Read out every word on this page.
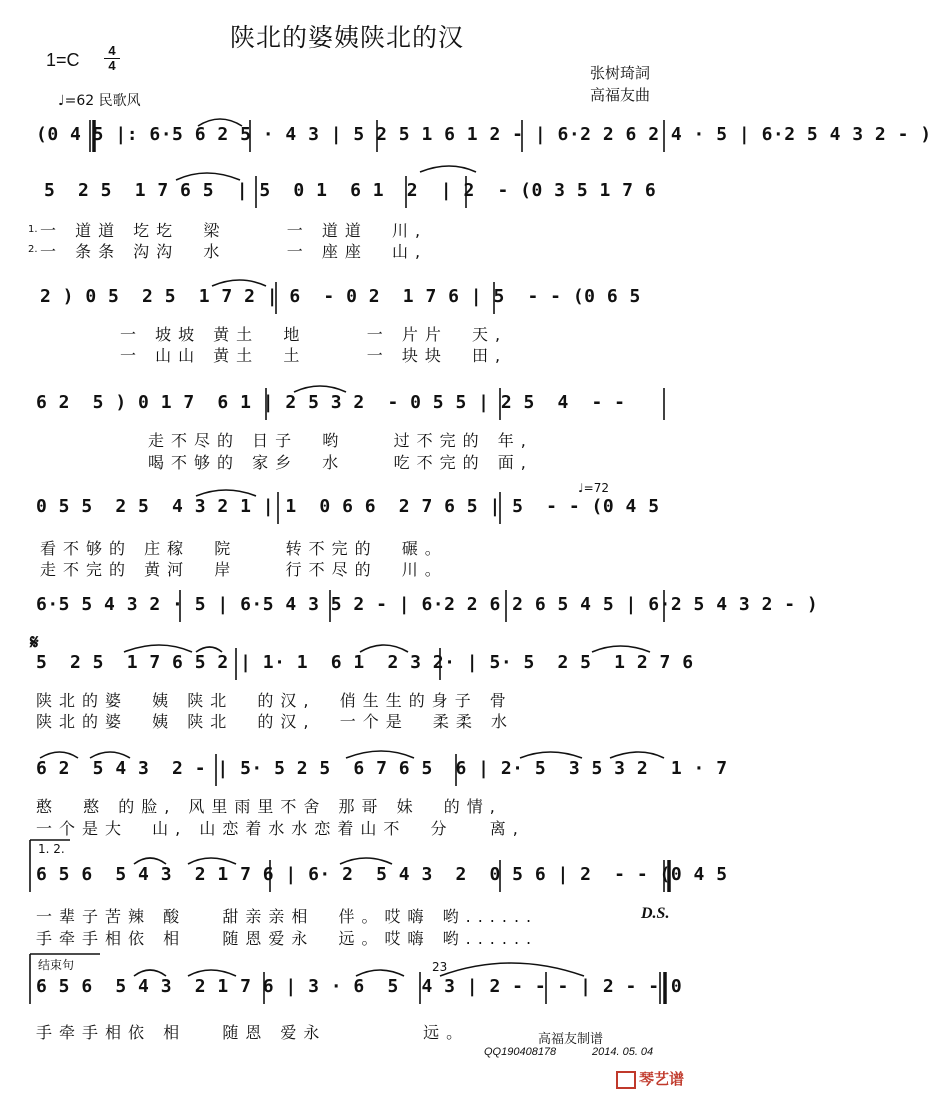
陕北的婆姨陕北的汉
1=C	4
4
♩=62 民歌风
张树琦詞
高福友曲
(0 4 5 |: 6·5 6 2 5 · 4 3 | 5 2 5 1 6 1 2 - | 6·2 2 6 2 4 · 5 | 6·2 5 4 3 2 - )
5  2 5  1 7 6 5  | 5  0 1  6 1  2  | 2  - (0 3 5 1 7 6
1.
2.
一 道道 圪圪  梁     一 道道  川,
一 条条 沟沟  水     一 座座  山,
2 ) 0 5  2 5  1 7 2 | 6  - 0 2  1 7 6 | 5  - - (0 6 5
一 坡坡 黄土  地     一 片片  天,
一 山山 黄土  土     一 块块  田,
6 2  5 ) 0 1 7  6 1 | 2 5 3 2  - 0 5 5 | 2 5  4  - -
走不尽的 日子  哟    过不完的 年,
喝不够的 家乡  水    吃不完的 面,
0 5 5  2 5  4 3 2 1 | 1  0 6 6  2 7 6 5 | 5  - - (0 4 5
♩=72
看不够的 庄稼  院    转不完的  碾。
走不完的 黄河  岸    行不尽的  川。
6·5 5 4 3 2 · 5 | 6·5 4 3 5 2 - | 6·2 2 6 2 6 5 4 5 | 6·2 5 4 3 2 - )
𝄋
5  2 5  1 7 6 5 2 | 1· 1  6 1  2 3 2· | 5· 5  2 5  1 2 7 6
陕北的婆  姨 陕北  的汉,  俏生生的身子 骨
陕北的婆  姨 陕北  的汉,  一个是  柔柔 水
6 2  5 4 3  2 - | 5· 5 2 5  6 7 6 5  6 | 2· 5  3 5 3 2  1 · 7
憨  憨 的脸, 风里雨里不舍 那哥 妹  的情,
一个是大  山, 山恋着水水恋着山不  分   离,
1. 2.
6 5 6  5 4 3  2 1 7 6 | 6· 2  5 4 3  2  0 5 6 | 2  - - (0 4 5
一辈子苦辣 酸   甜亲亲相  伴。哎嗨 哟......
手牵手相依 相   随恩爱永  远。哎嗨 哟......
D.S.
结束句
6 5 6  5 4 3  2 1 7 6 | 3 · 6  5  4 3 | 2 - - - | 2 - - 0
23
手牵手相依 相   随恩 爱永        远。	高福友制谱
QQ190408178	2014. 05. 04
琴艺谱
